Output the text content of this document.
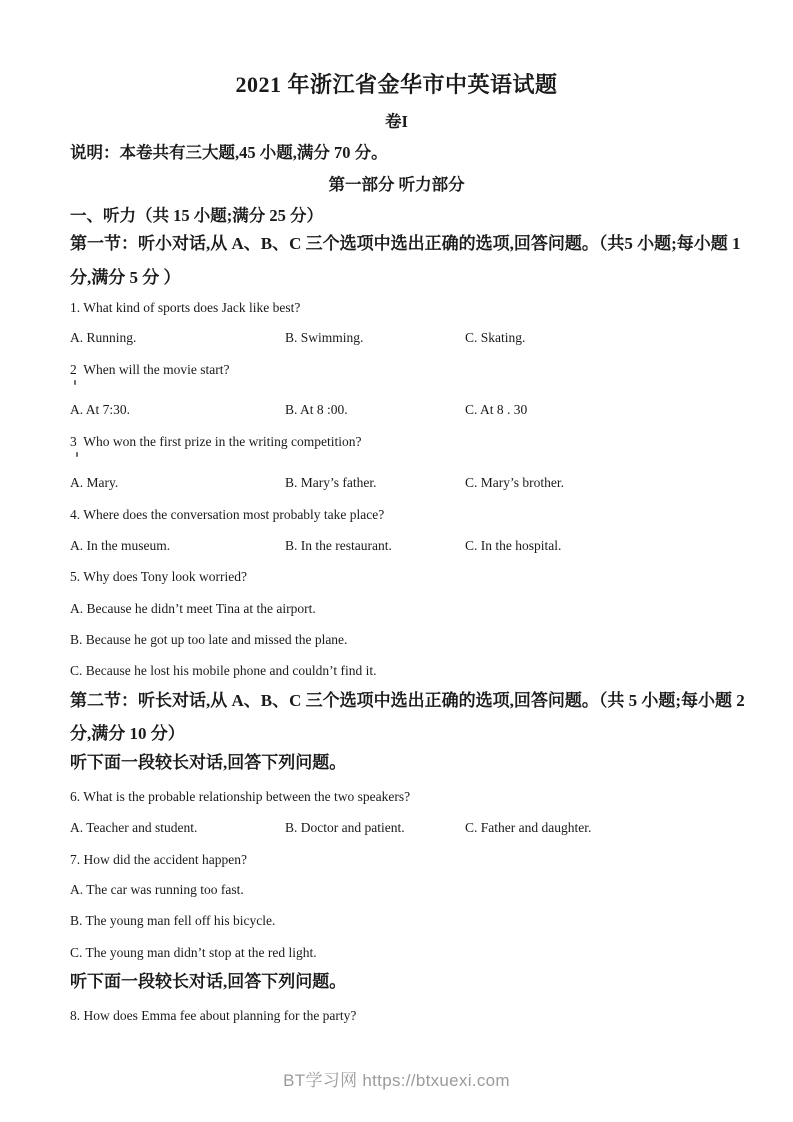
2021 年浙江省金华市中英语试题
卷I
说明：本卷共有三大题,45 小题,满分 70 分。
第一部分 听力部分
一、听力（共 15 小题;满分 25 分）
第一节：听小对话,从 A、B、C 三个选项中选出正确的选项,回答问题。（共5 小题;每小题 1
分,满分 5 分 ）
1. What kind of sports does Jack like best?
A. Running.	B. Swimming.	C. Skating.
2  When will the movie start?
A. At 7:30.	B. At 8 :00.	C. At 8 . 30
3  Who won the first prize in the writing competition?
A. Mary.	B. Mary’s father.	C. Mary’s brother.
4. Where does the conversation most probably take place?
A. In the museum.	B. In the restaurant.	C. In the hospital.
5. Why does Tony look worried?
A. Because he didn’t meet Tina at the airport.
B. Because he got up too late and missed the plane.
C. Because he lost his mobile phone and couldn’t find it.
第二节：听长对话,从 A、B、C 三个选项中选出正确的选项,回答问题。（共 5 小题;每小题 2
分,满分 10 分）
听下面一段较长对话,回答下列问题。
6. What is the probable relationship between the two speakers?
A. Teacher and student.	B. Doctor and patient.	C. Father and daughter.
7. How did the accident happen?
A. The car was running too fast.
B. The young man fell off his bicycle.
C. The young man didn’t stop at the red light.
听下面一段较长对话,回答下列问题。
8. How does Emma fee about planning for the party?
BT学习网 https://btxuexi.com
